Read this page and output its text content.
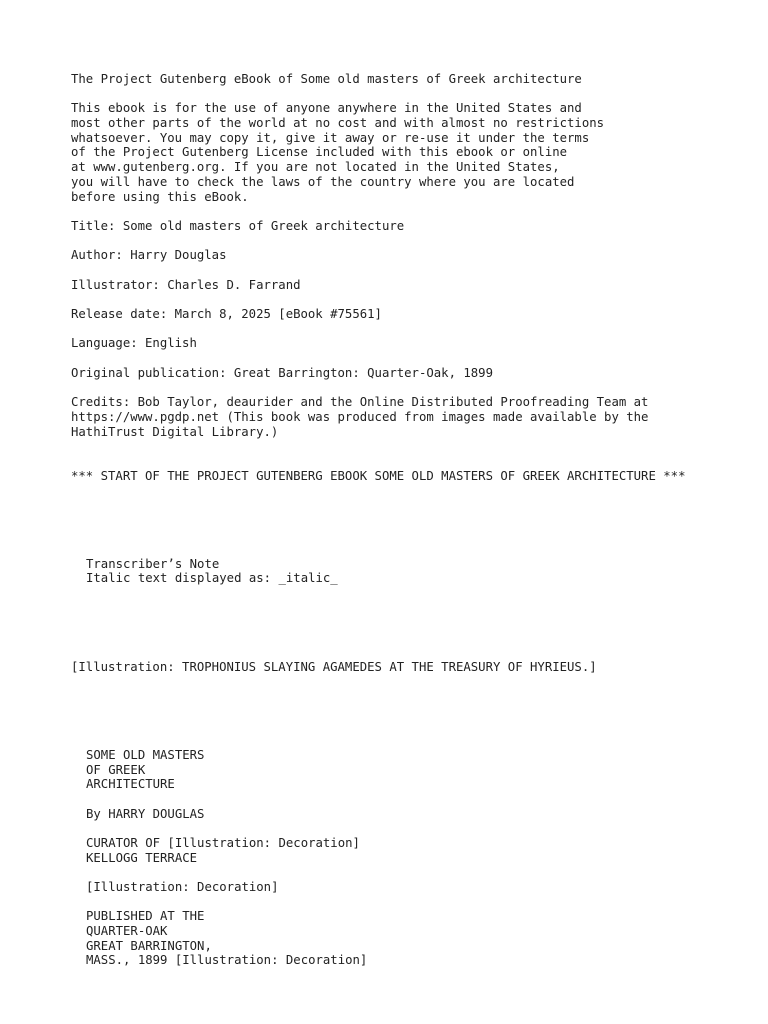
The Project Gutenberg eBook of Some old masters of Greek architecture
This ebook is for the use of anyone anywhere in the United States and
most other parts of the world at no cost and with almost no restrictions
whatsoever. You may copy it, give it away or re-use it under the terms
of the Project Gutenberg License included with this ebook or online
at www.gutenberg.org. If you are not located in the United States,
you will have to check the laws of the country where you are located
before using this eBook.
Title: Some old masters of Greek architecture
Author: Harry Douglas
Illustrator: Charles D. Farrand
Release date: March 8, 2025 [eBook #75561]
Language: English
Original publication: Great Barrington: Quarter-Oak, 1899
Credits: Bob Taylor, deaurider and the Online Distributed Proofreading Team at
https://www.pgdp.net (This book was produced from images made available by the
HathiTrust Digital Library.)
*** START OF THE PROJECT GUTENBERG EBOOK SOME OLD MASTERS OF GREEK ARCHITECTURE ***
Transcriber’s Note
Italic text displayed as: _italic_
[Illustration: TROPHONIUS SLAYING AGAMEDES AT THE TREASURY OF HYRIEUS.]
SOME OLD MASTERS
OF GREEK
ARCHITECTURE
By HARRY DOUGLAS
CURATOR OF [Illustration: Decoration]
KELLOGG TERRACE
[Illustration: Decoration]
PUBLISHED AT THE
QUARTER-OAK
GREAT BARRINGTON,
MASS., 1899 [Illustration: Decoration]
